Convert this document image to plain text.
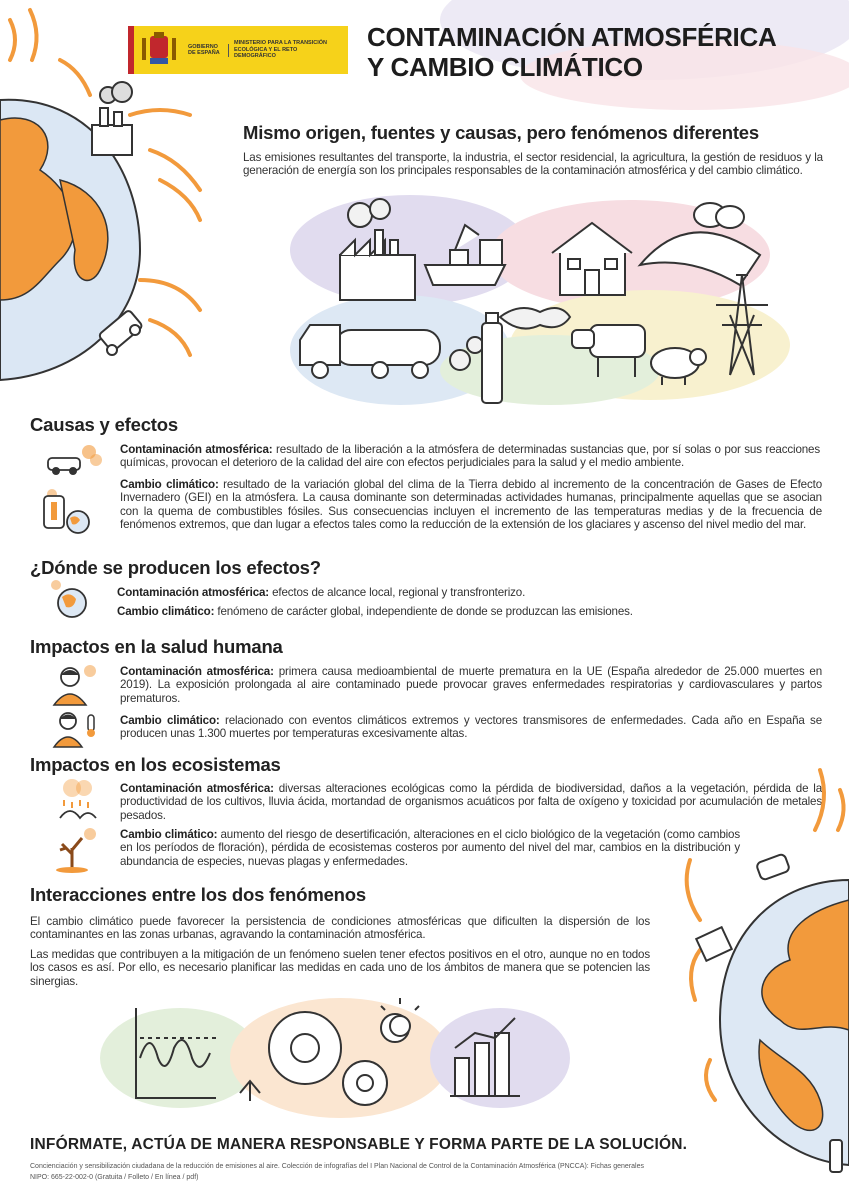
GOBIERNO DE ESPAÑA
MINISTERIO PARA LA TRANSICIÓN ECOLÓGICA Y EL RETO DEMOGRÁFICO
CONTAMINACIÓN ATMOSFÉRICA
Y CAMBIO CLIMÁTICO
Mismo origen, fuentes y causas, pero fenómenos diferentes
Las emisiones resultantes del transporte, la industria, el sector residencial, la agricultura, la gestión de residuos y la generación de energía son los principales responsables de la contaminación atmosférica y del cambio climático.
Causas y efectos
Contaminación atmosférica: resultado de la liberación a la atmósfera de determinadas sustancias que, por sí solas o por sus reacciones químicas, provocan el deterioro de la calidad del aire con efectos perjudiciales para la salud y el medio ambiente.
Cambio climático: resultado de la variación global del clima de la Tierra debido al incremento de la concentración de Gases de Efecto Invernadero (GEI) en la atmósfera. La causa dominante son determinadas actividades humanas, principalmente aquellas que se asocian con la quema de combustibles fósiles. Sus consecuencias incluyen el incremento de las temperaturas medias y de la frecuencia de fenómenos extremos, que dan lugar a efectos tales como la reducción de la extensión de los glaciares y ascenso del nivel medio del mar.
¿Dónde se producen los efectos?
Contaminación atmosférica: efectos de alcance local, regional y transfronterizo.
Cambio climático: fenómeno de carácter global, independiente de donde se produzcan las emisiones.
Impactos en la salud humana
Contaminación atmosférica: primera causa medioambiental de muerte prematura en la UE (España alrededor de 25.000 muertes en 2019). La exposición prolongada al aire contaminado puede provocar graves enfermedades respiratorias y cardiovasculares y partos prematuros.
Cambio climático: relacionado con eventos climáticos extremos y vectores transmisores de enfermedades. Cada año en España se producen unas 1.300 muertes por temperaturas excesivamente altas.
Impactos en los ecosistemas
Contaminación atmosférica: diversas alteraciones ecológicas como la pérdida de biodiversidad, daños a la vegetación, pérdida de la productividad de los cultivos, lluvia ácida, mortandad de organismos acuáticos por falta de oxígeno y toxicidad por acumulación de metales pesados.
Cambio climático: aumento del riesgo de desertificación, alteraciones en el ciclo biológico de la vegetación (como cambios en los períodos de floración), pérdida de ecosistemas costeros por aumento del nivel del mar, cambios en la distribución y abundancia de especies, nuevas plagas y enfermedades.
Interacciones entre los dos fenómenos
El cambio climático puede favorecer la persistencia de condiciones atmosféricas que dificulten la dispersión de los contaminantes en las zonas urbanas, agravando la contaminación atmosférica.
Las medidas que contribuyen a la mitigación de un fenómeno suelen tener efectos positivos en el otro, aunque no en todos los casos es así. Por ello, es necesario planificar las medidas en cada uno de los ámbitos de manera que se potencien las sinergias.
INFÓRMATE, ACTÚA DE MANERA RESPONSABLE Y FORMA PARTE DE LA SOLUCIÓN.
Concienciación y sensibilización ciudadana de la reducción de emisiones al aire. Colección de infografías del I Plan Nacional de Control de la Contaminación Atmosférica (PNCCA): Fichas generales
NIPO: 665-22-002-0 (Gratuita / Folleto / En línea / pdf)
